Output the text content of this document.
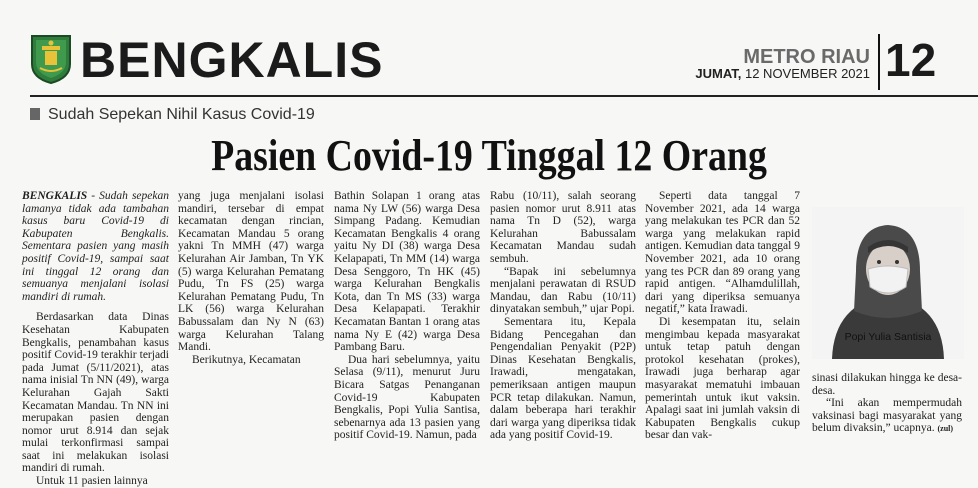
BENGKALIS	METRO RIAU
JUMAT, 12 NOVEMBER 2021 12
Sudah Sepekan Nihil Kasus Covid-19
Pasien Covid-19 Tinggal 12 Orang

BENGKALIS - Sudah sepekan lamanya tidak ada tambahan kasus baru Covid-19 di Kabupaten Bengkalis. Sementara pasien yang masih positif Covid-19, sampai saat ini tinggal 12 orang dan semuanya menjalani isolasi mandiri di rumah.

Berdasarkan data Dinas Kesehatan Kabupaten Bengkalis, penambahan kasus positif Covid-19 terakhir terjadi pada Jumat (5/11/2021), atas nama inisial Tn NN (49), warga Kelurahan Gajah Sakti Kecamatan Mandau. Tn NN ini merupakan pasien dengan nomor urut 8.914 dan sejak mulai terkonfirmasi sampai saat ini melakukan isolasi mandiri di rumah.

Untuk 11 pasien lainnya

yang juga menjalani isolasi mandiri, tersebar di empat kecamatan dengan rincian, Kecamatan Mandau 5 orang yakni Tn MMH (47) warga Kelurahan Air Jamban, Tn YK (5) warga Kelurahan Pematang Pudu, Tn FS (25) warga Kelurahan Pematang Pudu, Tn LK (56) warga Kelurahan Babussalam dan Ny N (63) warga Kelurahan Talang Mandi.

Berikutnya, Kecamatan

Bathin Solapan 1 orang atas nama Ny LW (56) warga Desa Simpang Padang. Kemudian Kecamatan Bengkalis 4 orang yaitu Ny DI (38) warga Desa Kelapapati, Tn MM (14) warga Desa Senggoro, Tn HK (45) warga Kelurahan Bengkalis Kota, dan Tn MS (33) warga Desa Kelapapati. Terakhir Kecamatan Bantan 1 orang atas nama Ny E (42) warga Desa Pambang Baru.

Dua hari sebelumnya, yaitu Selasa (9/11), menurut Juru Bicara Satgas Penanganan Covid-19 Kabupaten Bengkalis, Popi Yulia Santisa, sebenarnya ada 13 pasien yang positif Covid-19. Namun, pada

Rabu (10/11), salah seorang pasien nomor urut 8.911 atas nama Tn D (52), warga Kelurahan Babussalam Kecamatan Mandau sudah sembuh.

“Bapak ini sebelumnya menjalani perawatan di RSUD Mandau, dan Rabu (10/11) dinyatakan sembuh,” ujar Popi.

Sementara itu, Kepala Bidang Pencegahan dan Pengendalian Penyakit (P2P) Dinas Kesehatan Bengkalis, Irawadi, mengatakan, pemeriksaan antigen maupun PCR tetap dilakukan. Namun, dalam beberapa hari terakhir dari warga yang diperiksa tidak ada yang positif Covid-19.

Seperti data tanggal 7 November 2021, ada 14 warga yang melakukan tes PCR dan 52 warga yang melakukan rapid antigen. Kemudian data tanggal 9 November 2021, ada 10 orang yang tes PCR dan 89 orang yang rapid antigen. “Alhamdulillah, dari yang diperiksa semuanya negatif,” kata Irawadi.

Di kesempatan itu, selain mengimbau kepada masyarakat untuk tetap patuh dengan protokol kesehatan (prokes), Irawadi juga berharap agar masyarakat mematuhi imbauan pemerintah untuk ikut vaksin. Apalagi saat ini jumlah vaksin di Kabupaten Bengkalis cukup besar dan vak-

Popi Yulia Santisia

sinasi dilakukan hingga ke desa-desa.

“Ini akan mempermudah vaksinasi bagi masyarakat yang belum divaksin,” ucapnya. (zul)
